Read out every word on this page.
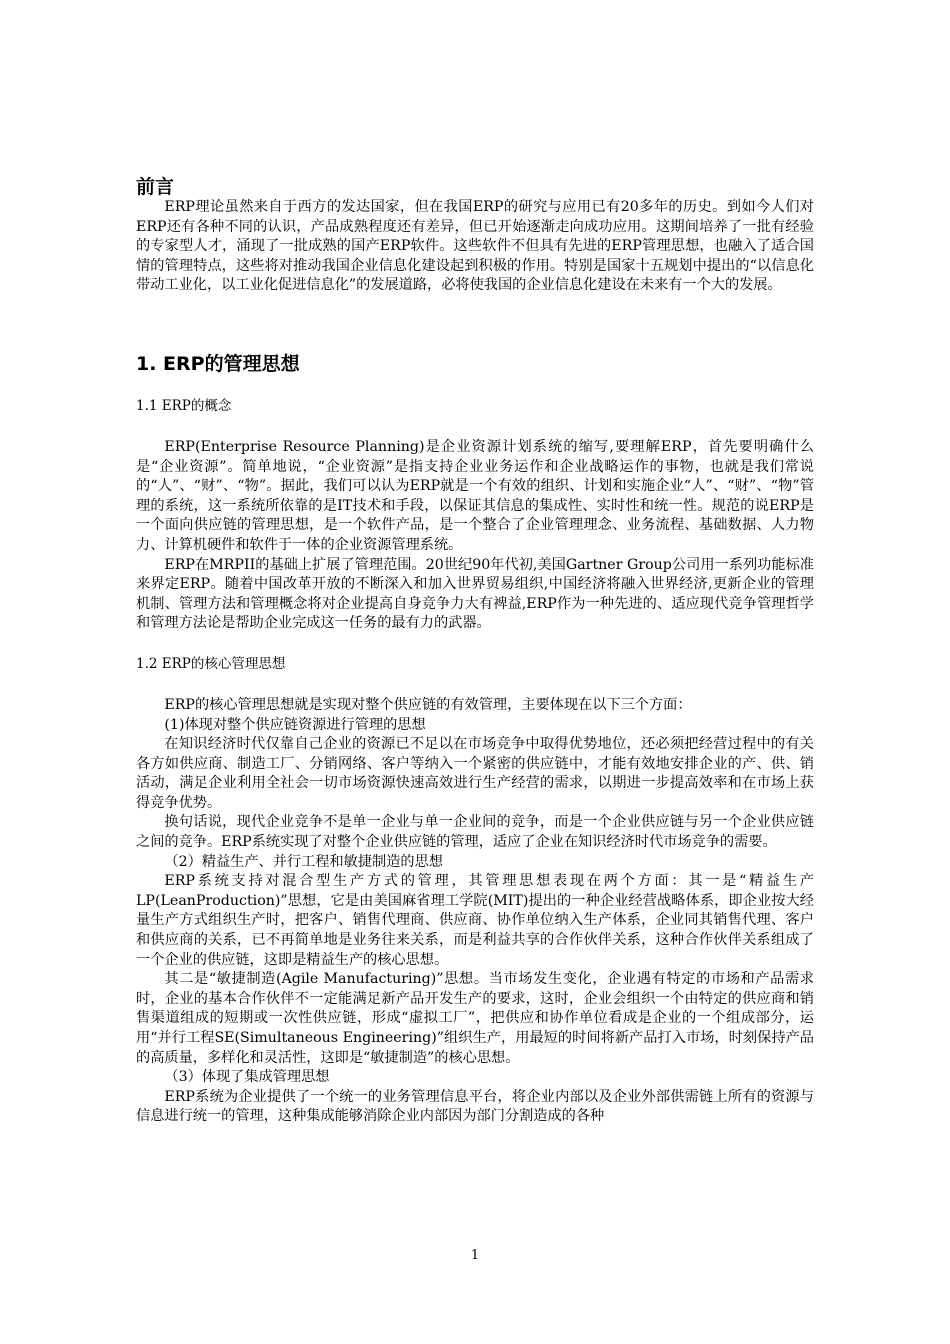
前言

ERP理论虽然来自于西方的发达国家，但在我国ERP的研究与应用已有20多年的历史。到如今人们对ERP还有各种不同的认识，产品成熟程度还有差异，但已开始逐渐走向成功应用。这期间培养了一批有经验的专家型人才，涌现了一批成熟的国产ERP软件。这些软件不但具有先进的ERP管理思想，也融入了适合国情的管理特点，这些将对推动我国企业信息化建设起到积极的作用。特别是国家十五规划中提出的“以信息化带动工业化，以工业化促进信息化”的发展道路，必将使我国的企业信息化建设在未来有一个大的发展。

1. ERP的管理思想
1.1 ERP的概念

ERP(Enterprise Resource Planning)是企业资源计划系统的缩写,要理解ERP，首先要明确什么是“企业资源”。简单地说，“企业资源”是指支持企业业务运作和企业战略运作的事物，也就是我们常说的“人”、“财”、“物”。据此，我们可以认为ERP就是一个有效的组织、计划和实施企业“人”、“财”、“物”管理的系统，这一系统所依靠的是IT技术和手段，以保证其信息的集成性、实时性和统一性。规范的说ERP是一个面向供应链的管理思想，是一个软件产品，是一个整合了企业管理理念、业务流程、基础数据、人力物力、计算机硬件和软件于一体的企业资源管理系统。

ERP在MRPII的基础上扩展了管理范围。20世纪90年代初,美国Gartner Group公司用一系列功能标准来界定ERP。随着中国改革开放的不断深入和加入世界贸易组织,中国经济将融入世界经济,更新企业的管理机制、管理方法和管理概念将对企业提高自身竞争力大有裨益,ERP作为一种先进的、适应现代竞争管理哲学和管理方法论是帮助企业完成这一任务的最有力的武器。

1.2 ERP的核心管理思想

ERP的核心管理思想就是实现对整个供应链的有效管理，主要体现在以下三个方面：

(1)体现对整个供应链资源进行管理的思想

在知识经济时代仅靠自己企业的资源已不足以在市场竞争中取得优势地位，还必须把经营过程中的有关各方如供应商、制造工厂、分销网络、客户等纳入一个紧密的供应链中，才能有效地安排企业的产、供、销活动，满足企业利用全社会一切市场资源快速高效进行生产经营的需求，以期进一步提高效率和在市场上获得竞争优势。

换句话说，现代企业竞争不是单一企业与单一企业间的竞争，而是一个企业供应链与另一个企业供应链之间的竞争。ERP系统实现了对整个企业供应链的管理，适应了企业在知识经济时代市场竞争的需要。

（2）精益生产、并行工程和敏捷制造的思想

ERP系统支持对混合型生产方式的管理，其管理思想表现在两个方面：其一是“精益生产LP(LeanProduction)”思想，它是由美国麻省理工学院(MIT)提出的一种企业经营战略体系，即企业按大经量生产方式组织生产时，把客户、销售代理商、供应商、协作单位纳入生产体系，企业同其销售代理、客户和供应商的关系，已不再简单地是业务往来关系，而是利益共享的合作伙伴关系，这种合作伙伴关系组成了一个企业的供应链，这即是精益生产的核心思想。

其二是“敏捷制造(Agile Manufacturing)”思想。当市场发生变化，企业遇有特定的市场和产品需求时，企业的基本合作伙伴不一定能满足新产品开发生产的要求，这时，企业会组织一个由特定的供应商和销售渠道组成的短期或一次性供应链，形成“虚拟工厂”，把供应和协作单位看成是企业的一个组成部分，运用“并行工程SE(Simultaneous Engineering)”组织生产，用最短的时间将新产品打入市场，时刻保持产品的高质量，多样化和灵活性，这即是“敏捷制造”的核心思想。

（3）体现了集成管理思想

ERP系统为企业提供了一个统一的业务管理信息平台，将企业内部以及企业外部供需链上所有的资源与信息进行统一的管理，这种集成能够消除企业内部因为部门分割造成的各种

1
